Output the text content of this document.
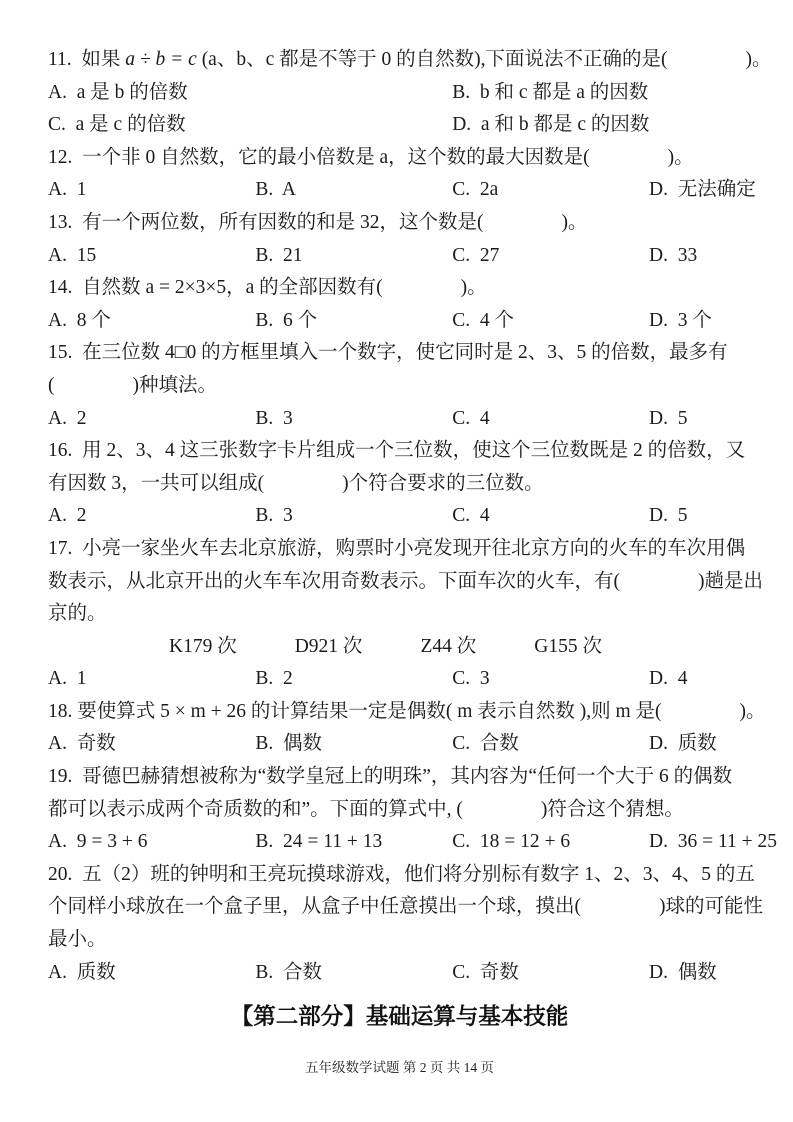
11.  如果 a ÷ b = c (a、b、c 都是不等于 0 的自然数),下面说法不正确的是(　　　　)。
A.  a 是 b 的倍数	B.  b 和 c 都是 a 的因数
C.  a 是 c 的倍数	D.  a 和 b 都是 c 的因数
12.  一个非 0 自然数，它的最小倍数是 a，这个数的最大因数是(　　　　)。
A.  1	B.  A	C.  2a	D.  无法确定
13.  有一个两位数，所有因数的和是 32，这个数是(　　　　)。
A.  15	B.  21	C.  27	D.  33
14.  自然数 a = 2×3×5，a 的全部因数有(　　　　)。
A.  8 个	B.  6 个	C.  4 个	D.  3 个
15.  在三位数 4□0 的方框里填入一个数字，使它同时是 2、3、5 的倍数，最多有
(　　　　)种填法。
A.  2	B.  3	C.  4	D.  5
16.  用 2、3、4 这三张数字卡片组成一个三位数，使这个三位数既是 2 的倍数，又
有因数 3，一共可以组成(　　　　)个符合要求的三位数。
A.  2	B.  3	C.  4	D.  5
17.  小亮一家坐火车去北京旅游，购票时小亮发现开往北京方向的火车的车次用偶
数表示，从北京开出的火车车次用奇数表示。下面车次的火车，有(　　　　)趟是出
京的。
K179 次	D921 次	Z44 次	G155 次
A.  1	B.  2	C.  3	D.  4
18. 要使算式 5 × m + 26 的计算结果一定是偶数( m 表示自然数 ),则 m 是(　　　　)。
A.  奇数	B.  偶数	C.  合数	D.  质数
19.  哥德巴赫猜想被称为“数学皇冠上的明珠”，其内容为“任何一个大于 6 的偶数
都可以表示成两个奇质数的和”。下面的算式中, (　　　　)符合这个猜想。
A.  9 = 3 + 6	B.  24 = 11 + 13	C.  18 = 12 + 6	D.  36 = 11 + 25
20.  五（2）班的钟明和王亮玩摸球游戏，他们将分别标有数字 1、2、3、4、5 的五
个同样小球放在一个盒子里，从盒子中任意摸出一个球，摸出(　　　　)球的可能性
最小。
A.  质数	B.  合数	C.  奇数	D.  偶数
【第二部分】基础运算与基本技能
五年级数学试题 第 2 页 共 14 页
